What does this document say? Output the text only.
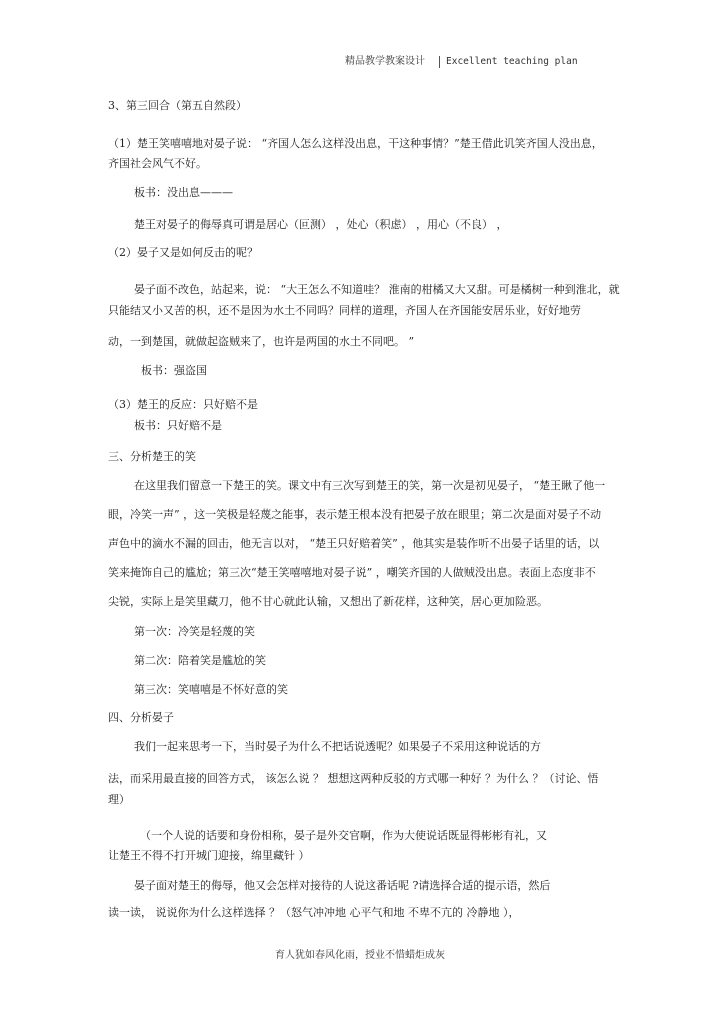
精品教学教案设计 Excellent teaching plan
3、第三回合（第五自然段）
（1）楚王笑嘻嘻地对晏子说： “齐国人怎么这样没出息，干这种事情？”楚王借此讥笑齐国人没出息，
齐国社会风气不好。
板书：没出息———
楚王对晏子的侮辱真可谓是居心（叵测） ，处心（积虑） ，用心（不良） ，
（2）晏子又是如何反击的呢？
晏子面不改色，站起来，说： “大王怎么不知道哇？ 淮南的柑橘又大又甜。可是橘树一种到淮北，就
只能结又小又苦的枳，还不是因为水土不同吗？同样的道理，齐国人在齐国能安居乐业，好好地劳
动，一到楚国，就做起盗贼来了，也许是两国的水土不同吧。 ”
板书：强盗国
（3）楚王的反应：只好赔不是
板书：只好赔不是
三、分析楚王的笑
在这里我们留意一下楚王的笑。课文中有三次写到楚王的笑，第一次是初见晏子， “楚王瞅了他一
眼，冷笑一声” ，这一笑极是轻蔑之能事，表示楚王根本没有把晏子放在眼里；第二次是面对晏子不动
声色中的滴水不漏的回击，他无言以对， “楚王只好赔着笑” ，他其实是装作听不出晏子话里的话，以
笑来掩饰自己的尴尬；第三次“楚王笑嘻嘻地对晏子说” ，嘲笑齐国的人做贼没出息。表面上态度非不
尖锐，实际上是笑里藏刀，他不甘心就此认输，又想出了新花样，这种笑，居心更加险恶。
第一次：冷笑是轻蔑的笑
第二次：陪着笑是尴尬的笑
第三次：笑嘻嘻是不怀好意的笑
四、分析晏子
我们一起来思考一下，当时晏子为什么不把话说透呢？如果晏子不采用这种说话的方
法，而采用最直接的回答方式， 该怎么说 ？ 想想这两种反驳的方式哪一种好 ？为什么 ？（讨论、悟
理）
（一个人说的话要和身份相称，晏子是外交官啊，作为大使说话既显得彬彬有礼，又
让楚王不得不打开城门迎接，绵里藏针 ）
晏子面对楚王的侮辱，他又会怎样对接待的人说这番话呢 ?请选择合适的提示语，然后
读一读， 说说你为什么这样选择 ？（怒气冲冲地 心平气和地 不卑不亢的 冷静地 ），
育人犹如春风化雨，授业不惜蜡炬成灰
